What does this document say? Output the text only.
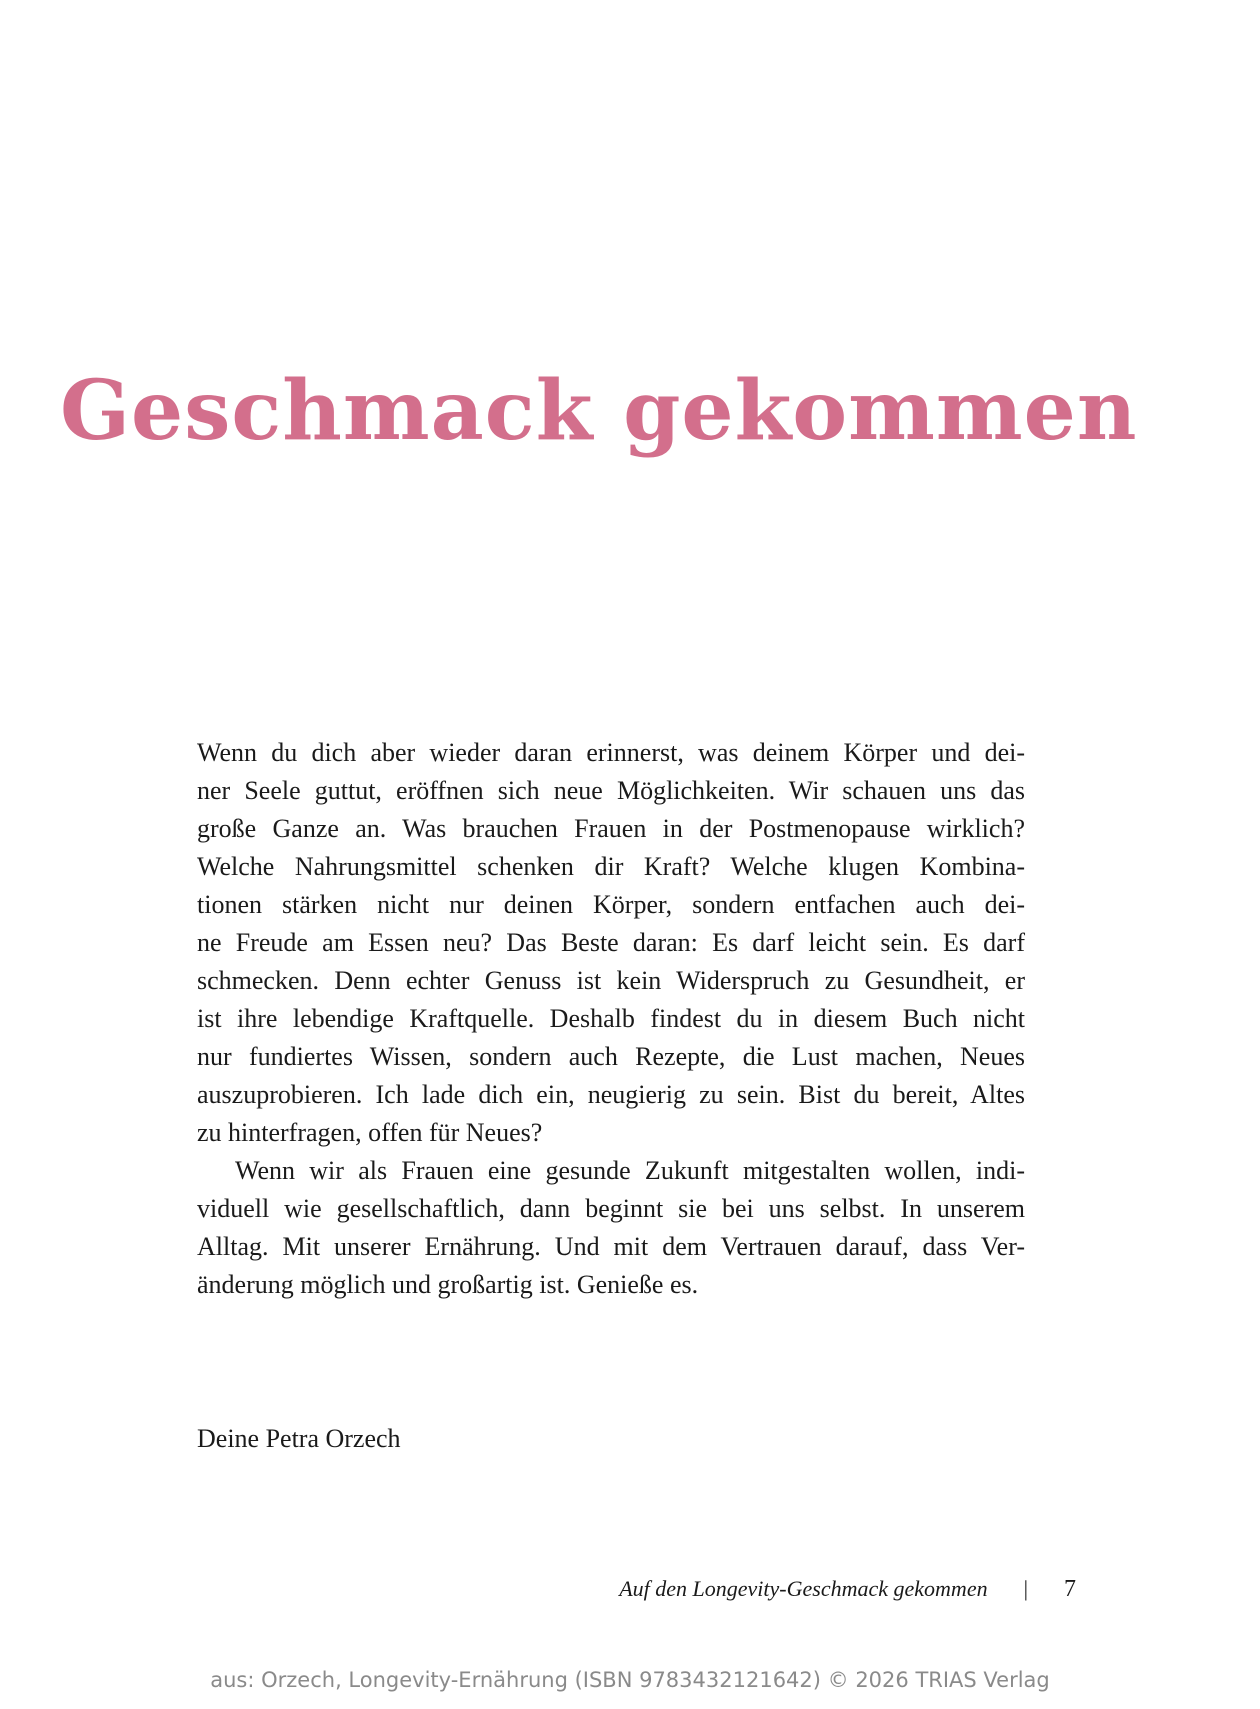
Geschmack gekommen
Wenn du dich aber wieder daran erinnerst, was deinem Körper und dei-
ner Seele guttut, eröffnen sich neue Möglichkeiten. Wir schauen uns das
große Ganze an. Was brauchen Frauen in der Postmenopause wirklich?
Welche Nahrungsmittel schenken dir Kraft? Welche klugen Kombina-
tionen stärken nicht nur deinen Körper, sondern entfachen auch dei-
ne Freude am Essen neu? Das Beste daran: Es darf leicht sein. Es darf
schmecken. Denn echter Genuss ist kein Widerspruch zu Gesundheit, er
ist ihre lebendige Kraftquelle. Deshalb findest du in diesem Buch nicht
nur fundiertes Wissen, sondern auch Rezepte, die Lust machen, Neues
auszuprobieren. Ich lade dich ein, neugierig zu sein. Bist du bereit, Altes
zu hinterfragen, offen für Neues?
Wenn wir als Frauen eine gesunde Zukunft mitgestalten wollen, indi-
viduell wie gesellschaftlich, dann beginnt sie bei uns selbst. In unserem
Alltag. Mit unserer Ernährung. Und mit dem Vertrauen darauf, dass Ver-
änderung möglich und großartig ist. Genieße es.
Deine Petra Orzech
Auf den Longevity-Geschmack gekommen | 7
aus: Orzech, Longevity-Ernährung (ISBN 9783432121642) © 2026 TRIAS Verlag
